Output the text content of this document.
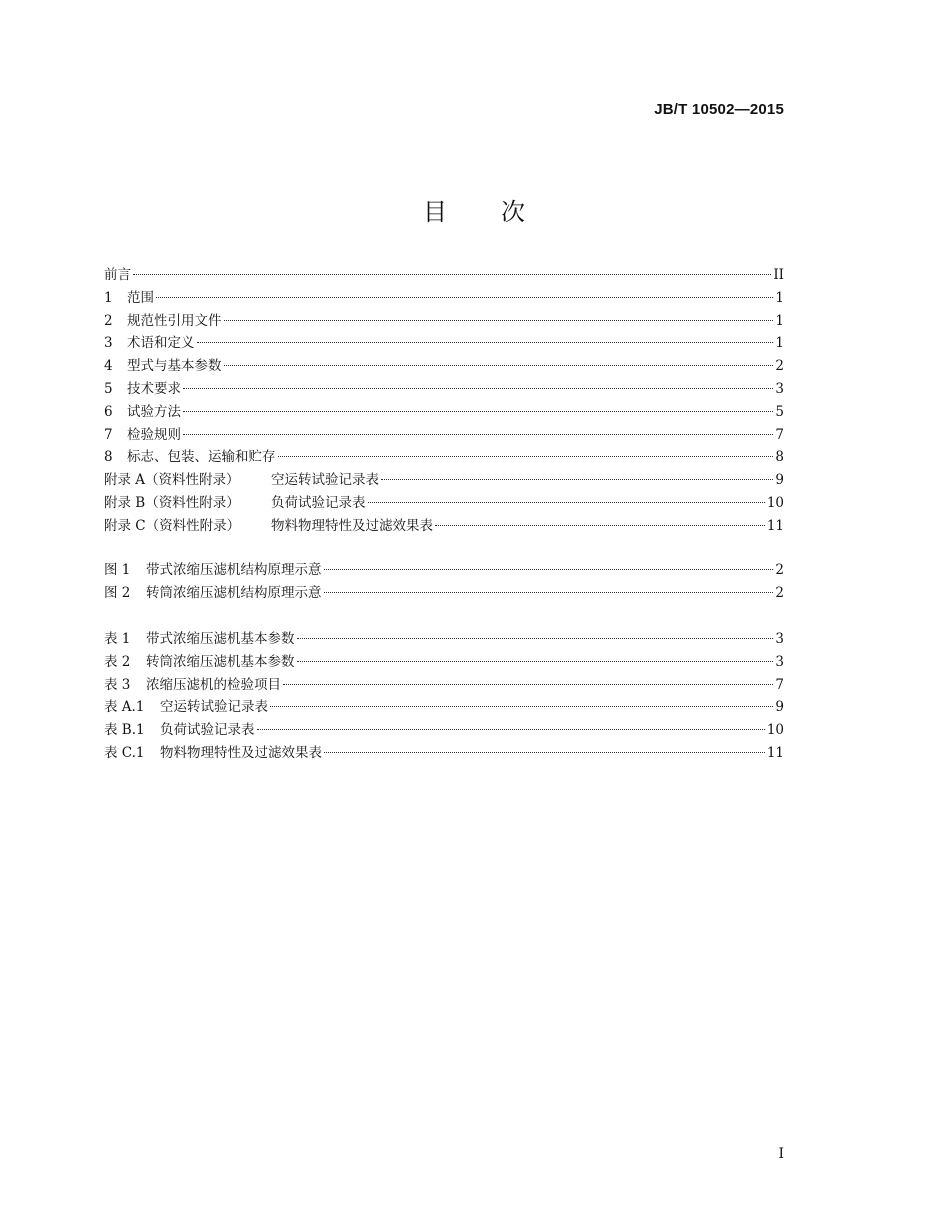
JB/T 10502—2015
目　　次
前言	II
1	范围	1
2	规范性引用文件	1
3	术语和定义	1
4	型式与基本参数	2
5	技术要求	3
6	试验方法	5
7	检验规则	7
8	标志、包装、运输和贮存	8
附录 A（资料性附录）	空运转试验记录表	9
附录 B（资料性附录）	负荷试验记录表	10
附录 C（资料性附录）	物料物理特性及过滤效果表	11
图 1	带式浓缩压滤机结构原理示意	2
图 2	转筒浓缩压滤机结构原理示意	2
表 1	带式浓缩压滤机基本参数	3
表 2	转筒浓缩压滤机基本参数	3
表 3	浓缩压滤机的检验项目	7
表 A.1	空运转试验记录表	9
表 B.1	负荷试验记录表	10
表 C.1	物料物理特性及过滤效果表	11
I
